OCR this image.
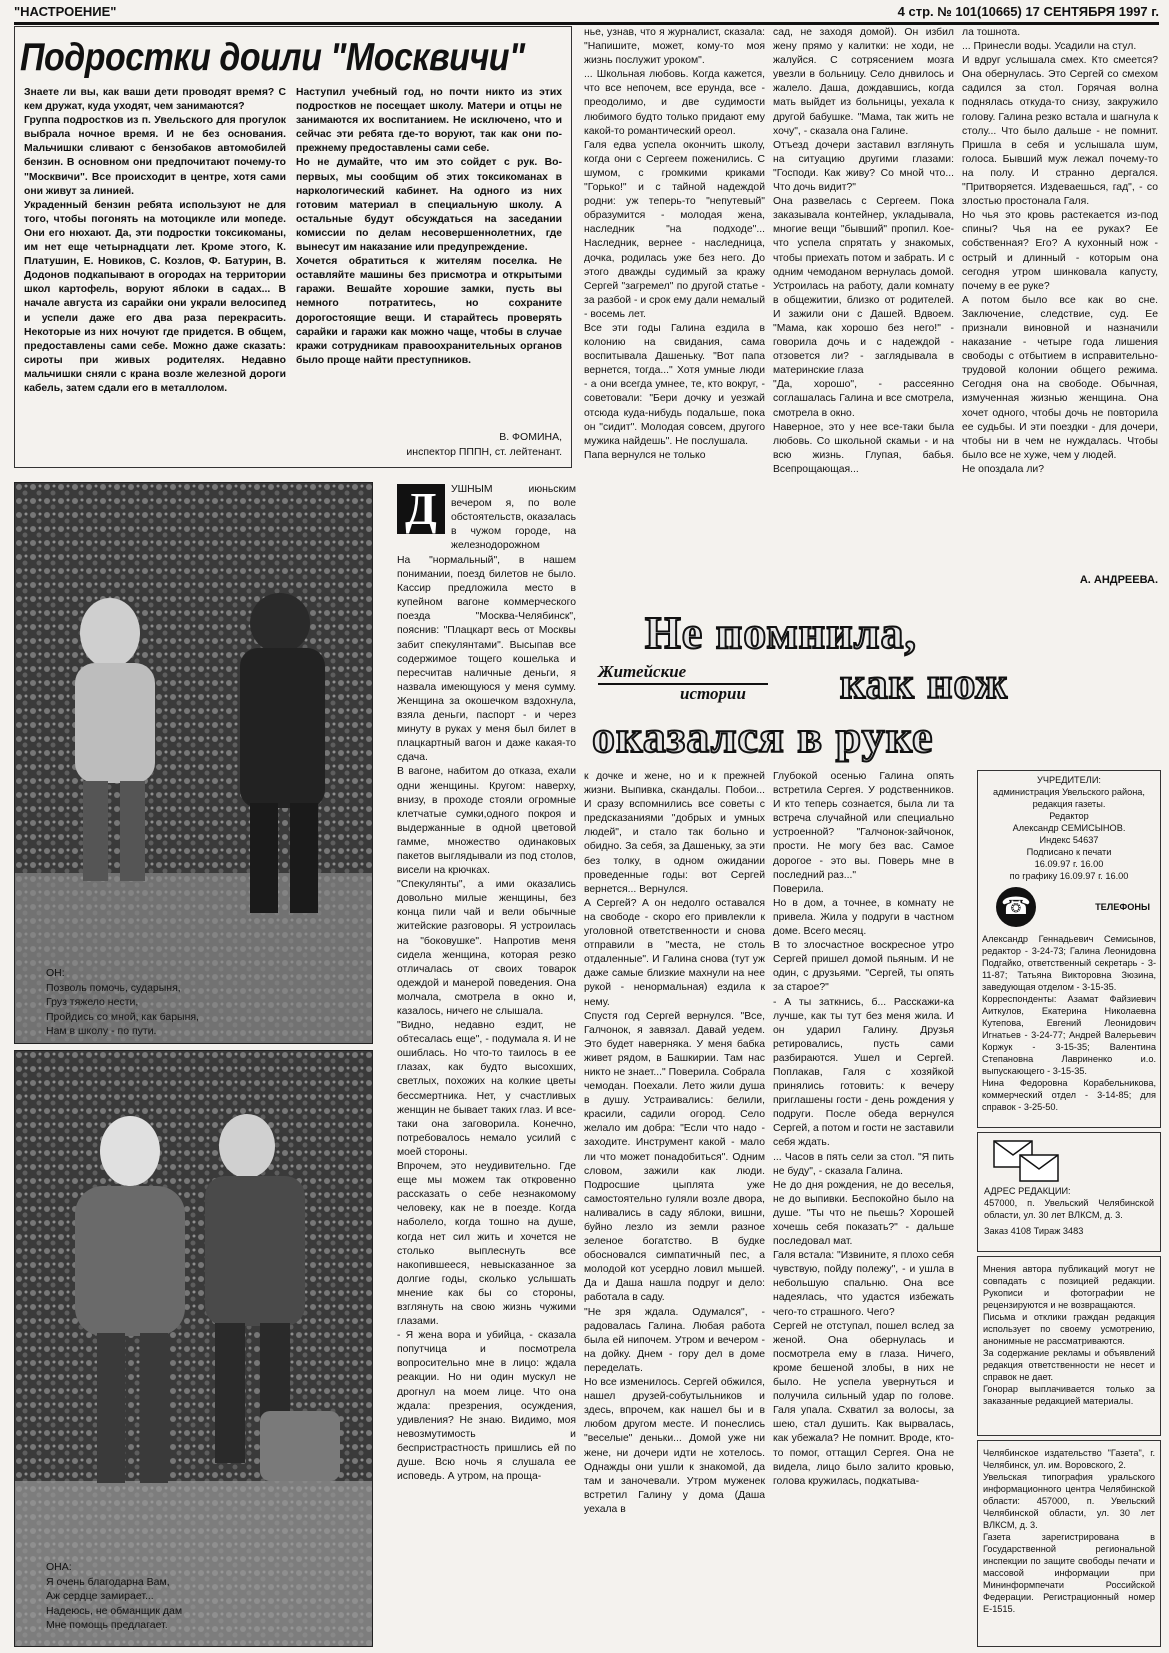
"НАСТРОЕНИЕ"	4 стр. № 101(10665) 17 СЕНТЯБРЯ 1997 г.
Подростки доили "Москвичи"
Знаете ли вы, как ваши дети проводят время? С кем дружат, куда уходят, чем занимаются?
Группа подростков из п. Увельского для прогулок выбрала ночное время. И не без основания. Мальчишки сливают с бензобаков автомобилей бензин. В основном они предпочитают почему-то "Москвичи". Все происходит в центре, хотя сами они живут за линией.
Украденный бензин ребята используют не для того, чтобы погонять на мотоцикле или мопеде. Они его нюхают. Да, эти подростки токсикоманы, им нет еще четырнадцати лет. Кроме этого, К. Платушин, Е. Новиков, С. Козлов, Ф. Батурин, В. Додонов подкапывают в огородах на территории школ картофель, воруют яблоки в садах... В начале августа из сарайки они украли велосипед и успели даже его два раза перекрасить. Некоторые из них ночуют где придется. В общем, предоставлены сами себе. Можно даже сказать: сироты при живых родителях. Недавно мальчишки сняли с крана возле железной дороги кабель, затем сдали его в металлолом.
Наступил учебный год, но почти никто из этих подростков не посещает школу. Матери и отцы не занимаются их воспитанием. Не исключено, что и сейчас эти ребята где-то воруют, так как они по-прежнему предоставлены сами себе.
Но не думайте, что им это сойдет с рук. Во-первых, мы сообщим об этих токсикоманах в наркологический кабинет. На одного из них готовим материал в специальную школу. А остальные будут обсуждаться на заседании комиссии по делам несовершеннолетних, где вынесут им наказание или предупреждение.
Хочется обратиться к жителям поселка. Не оставляйте машины без присмотра и открытыми гаражи. Вешайте хорошие замки, пусть вы немного потратитесь, но сохраните дорогостоящие вещи. И старайтесь проверять сарайки и гаражи как можно чаще, чтобы в случае кражи сотрудникам правоохранительных органов было проще найти преступников.
В. ФОМИНА,
инспектор ПППН, ст. лейтенант.
ОН:
Позволь помочь, сударыня,
Груз тяжело нести,
Пройдись со мной, как барыня,
Нам в школу - по пути.
ОНА:
Я очень благодарна Вам,
Аж сердце замирает...
Надеюсь, не обманщик дам
Мне помощь предлагает.
Д	УШНЫМ июньским вечером я, по воле обстоятельств, оказалась в чужом городе, на железнодорожном
На "нормальный", в нашем понимании, поезд билетов не было. Кассир предложила место в купейном вагоне коммерческого поезда "Москва-Челябинск", пояснив: "Плацкарт весь от Москвы забит спекулянтами". Высыпав все содержимое тощего кошелька и пересчитав наличные деньги, я назвала имеющуюся у меня сумму. Женщина за окошечком вздохнула, взяла деньги, паспорт - и через минуту в руках у меня был билет в плацкартный вагон и даже какая-то сдача.
В вагоне, набитом до отказа, ехали одни женщины. Кругом: наверху, внизу, в проходе стояли огромные клетчатые сумки,одного покроя и выдержанные в одной цветовой гамме, множество одинаковых пакетов выглядывали из под столов, висели на крючках.
"Спекулянты", а ими оказались довольно милые женщины, без конца пили чай и вели обычные житейские разговоры. Я устроилась на "боковушке". Напротив меня сидела женщина, которая резко отличалась от своих товарок одеждой и манерой поведения. Она молчала, смотрела в окно и, казалось, ничего не слышала.
"Видно, недавно ездит, не обтесалась еще", - подумала я. И не ошиблась. Но что-то таилось в ее глазах, как будто высохших, светлых, похожих на колкие цветы бессмертника. Нет, у счастливых женщин не бывает таких глаз. И все-таки она заговорила. Конечно, потребовалось немало усилий с моей стороны.
Впрочем, это неудивительно. Где еще мы можем так откровенно рассказать о себе незнакомому человеку, как не в поезде. Когда наболело, когда тошно на душе, когда нет сил жить и хочется не столько выплеснуть все накопившееся, невысказанное за долгие годы, сколько услышать мнение как бы со стороны, взглянуть на свою жизнь чужими глазами.
- Я жена вора и убийца, - сказала попутчица и посмотрела вопросительно мне в лицо: ждала реакции. Но ни один мускул не дрогнул на моем лице. Что она ждала: презрения, осуждения, удивления? Не знаю. Видимо, моя невозмутимость и беспристрастность пришлись ей по душе. Всю ночь я слушала ее исповедь. А утром, на проща-
нье, узнав, что я журналист, сказала: "Напишите, может, кому-то моя жизнь послужит уроком".
... Школьная любовь. Когда кажется, что все непочем, все ерунда, все - преодолимо, и две судимости любимого будто только придают ему какой-то романтический ореол.
Галя едва успела окончить школу, когда они с Сергеем поженились. С шумом, с громкими криками "Горько!" и с тайной надеждой родни: уж теперь-то "непутевый" образумится - молодая жена, наследник "на подходе"... Наследник, вернее - наследница, дочка, родилась уже без него. До этого дважды судимый за кражу Сергей "загремел" по другой статье - за разбой - и срок ему дали немалый - восемь лет.
Все эти годы Галина ездила в колонию на свидания, сама воспитывала Дашеньку. "Вот папа вернется, тогда..." Хотя умные люди - а они всегда умнее, те, кто вокруг, - советовали: "Бери дочку и уезжай отсюда куда-нибудь подальше, пока он "сидит". Молодая совсем, другого мужика найдешь". Не послушала.
Папа вернулся не только
сад, не заходя домой). Он избил жену прямо у калитки: не ходи, не жалуйся. С сотрясением мозга увезли в больницу. Село днвилось и жалело. Даша, дождавшись, когда мать выйдет из больницы, уехала к другой бабушке. "Мама, так жить не хочу", - сказала она Галине.
Отъезд дочери заставил взглянуть на ситуацию другими глазами: "Господи. Как живу? Со мной что... Что дочь видит?"
Она развелась с Сергеем. Пока заказывала контейнер, укладывала, многие вещи "бывший" пропил. Кое-что успела спрятать у знакомых, чтобы приехать потом и забрать. И с одним чемоданом вернулась домой. Устроилась на работу, дали комнату в общежитии, близко от родителей. И зажили они с Дашей. Вдвоем. "Мама, как хорошо без него!" - говорила дочь и с надеждой - отзовется ли? - заглядывала в материнские глаза
"Да, хорошо", - рассеянно соглашалась Галина и все смотрела, смотрела в окно.
Наверное, это у нее все-таки была любовь. Со школьной скамьи - и на всю жизнь. Глупая, бабья. Всепрощающая...
ла тошнота.
... Принесли воды. Усадили на стул.
И вдруг услышала смех. Кто смеется? Она обернулась. Это Сергей со смехом садился за стол. Горячая волна поднялась откуда-то снизу, закружило голову. Галина резко встала и шагнула к столу... Что было дальше - не помнит. Пришла в себя и услышала шум, голоса. Бывший муж лежал почему-то на полу. И странно дергался. "Притворяется. Издеваешься, гад", - со злостью простонала Галя.
Но чья это кровь растекается из-под спины? Чья на ее руках? Ее собственная? Его? А кухонный нож - острый и длинный - которым она сегодня утром шинковала капусту, почему в ее руке?
А потом было все как во сне. Заключение, следствие, суд. Ее признали виновной и назначили наказание - четыре года лишения свободы с отбытием в исправительно-трудовой колонии общего режима. Сегодня она на свободе. Обычная, измученная жизнью женщина. Она хочет одного, чтобы дочь не повторила ее судьбы. И эти поездки - для дочери, чтобы ни в чем не нуждалась. Чтобы было все не хуже, чем у людей.
Не опоздала ли?
А. АНДРЕЕВА.
Не помнила,
Житейские
истории как нож
оказался в руке
к дочке и жене, но и к прежней жизни. Выпивка, скандалы. Побои... И сразу вспомнились все советы с предсказаниями "добрых и умных людей", и стало так больно и обидно. За себя, за Дашеньку, за эти без толку, в одном ожидании проведенные годы: вот Сергей вернется... Вернулся.
А Сергей? А он недолго оставался на свободе - скоро его привлекли к уголовной ответственности и снова отправили в "места, не столь отдаленные". И Галина снова (тут уж даже самые близкие махнули на нее рукой - ненормальная) ездила к нему.
Спустя год Сергей вернулся. "Все, Галчонок, я завязал. Давай уедем. Это будет наверняка. У меня бабка живет рядом, в Башкирии. Там нас никто не знает..." Поверила. Собрала чемодан. Поехали. Лето жили душа в душу. Устраивались: белили, красили, садили огород. Село желало им добра: "Если что надо - заходите. Инструмент какой - мало ли что может понадобиться". Одним словом, зажили как люди. Подросшие цыплята уже самостоятельно гуляли возле двора, наливались в саду яблоки, вишни, буйно лезло из земли разное зеленое богатство. В будке обосновался симпатичный пес, а молодой кот усердно ловил мышей. Да и Даша нашла подруг и дело: работала в саду.
"Не зря ждала. Одумался", - радовалась Галина. Любая работа была ей нипочем. Утром и вечером - на дойку. Днем - гору дел в доме переделать.
Но все изменилось. Сергей обжился, нашел друзей-собутыльников и здесь, впрочем, как нашел бы и в любом другом месте. И понеслись "веселые" деньки... Домой уже ни жене, ни дочери идти не хотелось. Однажды они ушли к знакомой, да там и заночевали. Утром муженек встретил Галину у дома (Даша уехала в
Глубокой осенью Галина опять встретила Сергея. У родственников. И кто теперь сознается, была ли та встреча случайной или специально устроенной? "Галчонок-зайчонок, прости. Не могу без вас. Самое дорогое - это вы. Поверь мне в последний раз..."
Поверила.
Но в дом, а точнее, в комнату не привела. Жила у подруги в частном доме. Всего месяц.
В то злосчастное воскресное утро Сергей пришел домой пьяным. И не один, с друзьями. "Сергей, ты опять за старое?"
- А ты заткнись, б... Расскажи-ка лучше, как ты тут без меня жила. И он ударил Галину. Друзья ретировались, пусть сами разбираются. Ушел и Сергей. Поплакав, Галя с хозяйкой принялись готовить: к вечеру приглашены гости - день рождения у подруги. После обеда вернулся Сергей, а потом и гости не заставили себя ждать.
... Часов в пять сели за стол. "Я пить не буду", - сказала Галина.
Не до дня рождения, не до веселья, не до выпивки. Беспокойно было на душе. "Ты что не пьешь? Хорошей хочешь себя показать?" - дальше последовал мат.
Галя встала: "Извините, я плохо себя чувствую, пойду полежу", - и ушла в небольшую спальню. Она все надеялась, что удастся избежать чего-то страшного. Чего?
Сергей не отступал, пошел вслед за женой. Она обернулась и посмотрела ему в глаза. Ничего, кроме бешеной злобы, в них не было. Не успела увернуться и получила сильный удар по голове. Галя упала. Схватил за волосы, за шею, стал душить. Как вырвалась, как убежала? Не помнит. Вроде, кто-то помог, оттащил Сергея. Она не видела, лицо было залито кровью, голова кружилась, подкатыва-
УЧРЕДИТЕЛИ:
администрация Увельского района, редакция газеты.
Редактор
Александр СЕМИСЫНОВ.
Индекс 54637
Подписано к печати
16.09.97 г. 16.00
по графику 16.09.97 г. 16.00
☎	ТЕЛЕФОНЫ
Александр Геннадьевич Семисынов, редактор - 3-24-73; Галина Леонидовна Подгайко, ответственный секретарь - 3-11-87; Татьяна Викторовна Зюзина, заведующая отделом - 3-15-35.
Корреспонденты: Азамат Файзиевич Аиткулов, Екатерина Николаевна Кутепова, Евгений Леонидович Игнатьев - 3-24-77; Андрей Валерьевич Коржук - 3-15-35; Валентина Степановна Лавриненко и.о. выпускающего - 3-15-35.
Нина Федоровна Корабельникова, коммерческий отдел - 3-14-85; для справок - 3-25-50.
АДРЕС РЕДАКЦИИ:
457000, п. Увельский Челябинской области, ул. 30 лет ВЛКСМ, д. 3.
Заказ 4108 Тираж 3483
Мнения автора публикаций могут не совпадать с позицией редакции. Рукописи и фотографии не рецензируются и не возвращаются.
Письма и отклики граждан редакция использует по своему усмотрению, анонимные не рассматриваются.
За содержание рекламы и объявлений редакция ответственности не несет и справок не дает.
Гонорар выплачивается только за заказанные редакцией материалы.
Челябинское издательство "Газета", г. Челябинск, ул. им. Воровского, 2.
Увельская типография уральского информационного центра Челябинской области: 457000, п. Увельский Челябинской области, ул. 30 лет ВЛКСМ, д. 3.
Газета зарегистрирована в Государственной региональной инспекции по защите свободы печати и массовой информации при Мининформпечати Российской Федерации. Регистрационный номер Е-1515.
